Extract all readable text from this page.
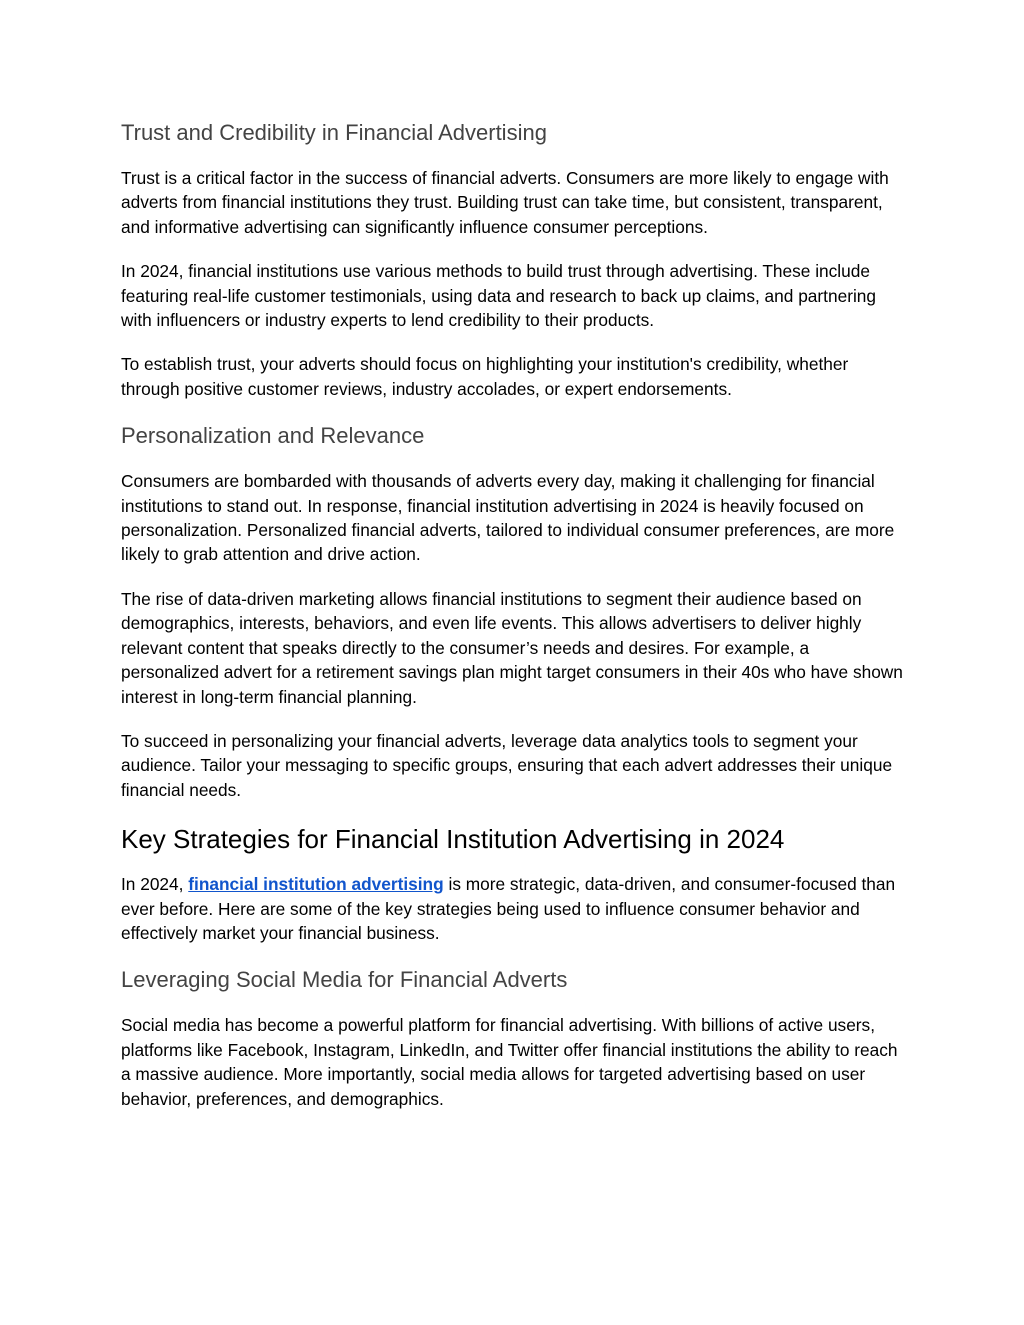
Trust and Credibility in Financial Advertising

Trust is a critical factor in the success of financial adverts. Consumers are more likely to engage with adverts from financial institutions they trust. Building trust can take time, but consistent, transparent, and informative advertising can significantly influence consumer perceptions.

In 2024, financial institutions use various methods to build trust through advertising. These include featuring real-life customer testimonials, using data and research to back up claims, and partnering with influencers or industry experts to lend credibility to their products.

To establish trust, your adverts should focus on highlighting your institution's credibility, whether through positive customer reviews, industry accolades, or expert endorsements.

Personalization and Relevance

Consumers are bombarded with thousands of adverts every day, making it challenging for financial institutions to stand out. In response, financial institution advertising in 2024 is heavily focused on personalization. Personalized financial adverts, tailored to individual consumer preferences, are more likely to grab attention and drive action.

The rise of data-driven marketing allows financial institutions to segment their audience based on demographics, interests, behaviors, and even life events. This allows advertisers to deliver highly relevant content that speaks directly to the consumer’s needs and desires. For example, a personalized advert for a retirement savings plan might target consumers in their 40s who have shown interest in long-term financial planning.

To succeed in personalizing your financial adverts, leverage data analytics tools to segment your audience. Tailor your messaging to specific groups, ensuring that each advert addresses their unique financial needs.

Key Strategies for Financial Institution Advertising in 2024

In 2024, financial institution advertising is more strategic, data-driven, and consumer-focused than ever before. Here are some of the key strategies being used to influence consumer behavior and effectively market your financial business.

Leveraging Social Media for Financial Adverts

Social media has become a powerful platform for financial advertising. With billions of active users, platforms like Facebook, Instagram, LinkedIn, and Twitter offer financial institutions the ability to reach a massive audience. More importantly, social media allows for targeted advertising based on user behavior, preferences, and demographics.
